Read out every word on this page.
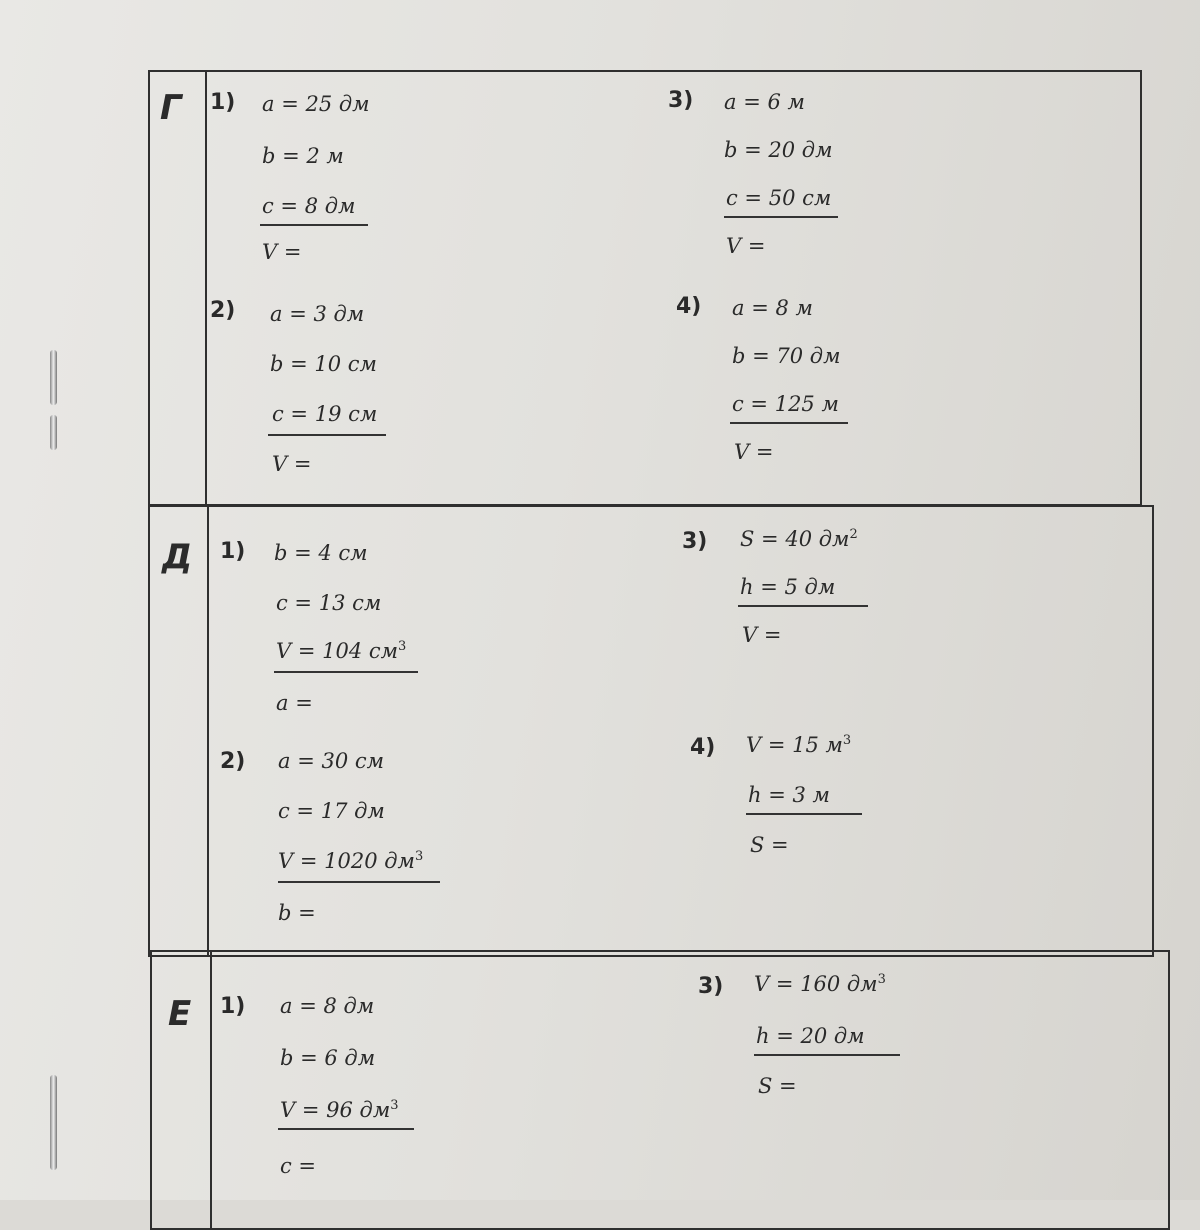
Г 1) a = 25 дм
b = 2 м
c = 8 дм
V =
2) a = 3 дм
b = 10 см
c = 19 см
V =
3) a = 6 м
b = 20 дм
c = 50 см
V =
4) a = 8 м
b = 70 дм
c = 125 м
V =
Д 1) b = 4 см
c = 13 см
V = 104 $см^3$
a =
2) a = 30 см
c = 17 дм
V = 1020 $дм^3$
b =
3) S = 40 $дм^2$
h = 5 дм
V =
4) V = 15 $м^3$
h = 3 м
S =
Е 1) a = 8 дм
b = 6 дм
V = 96 $дм^3$
c =
3) V = 160 $дм^3$
h = 20 дм
S =
